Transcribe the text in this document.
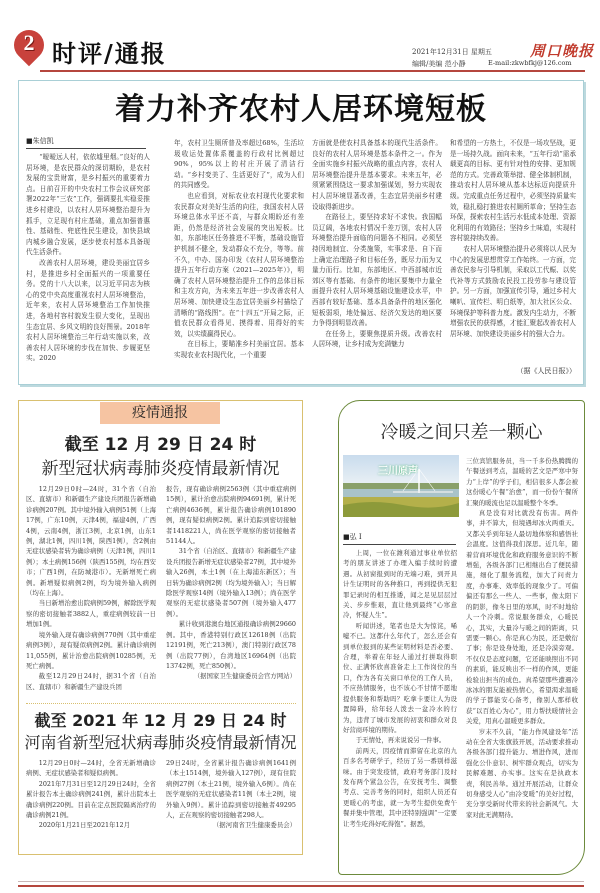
2 时评/通报	2021年12月31日 星期五
编辑/美编 范小静
周口晚报
E-mail:zkwbfkj@126.com
着力补齐农村人居环境短板
■朱信凯

“暧暧远人村，依依墟里烟。”良好的人居环境，是农民群众的深切期盼，是农村发展的宝贵财富，是乡村振兴的重要着力点。日前召开的中央农村工作会议研究部署2022年“三农”工作，强调要扎实稳妥推进乡村建设，以农村人居环境整治提升为抓手，立足现有村庄基础，重点加强普惠性、基础性、兜底性民生建设，加快县域内城乡融合发展，逐步使农村基本具备现代生活条件。

改善农村人居环境，建设美丽宜居乡村，是推进乡村全面振兴的一项重要任务。党的十八大以来，以习近平同志为核心的党中央高度重视农村人居环境整治，近年来，农村人居环境整治工作加快推进，各地村容村貌发生很大变化，呈现出生态宜居、乡风文明的良好图景。2018年农村人居环境整治三年行动实施以来，改善农村人居环境的步伐在加快、步履更坚实。2020

年，农村卫生厕所普及率超过68%，生活垃圾收运处置体系覆盖的行政村比例超过90%，95%以上的村庄开展了清洁行动。“乡村变美了、生活更好了”，成为人们的共同感受。

也应看到，对标农业农村现代化要求和农民群众对美好生活的向往，我国农村人居环境总体水平还不高，与群众期盼还有差距，仍然是经济社会发展的突出短板。比如，东部地区任务推进不平衡，基础设施管护机制不健全，发动群众不充分，等等。前不久，中办、国办印发《农村人居环境整治提升五年行动方案（2021—2025年）》，明确了农村人居环境整治提升工作的总体目标和主攻方向，为未来五年进一步改善农村人居环境、加快建设生态宜居美丽乡村描绘了清晰的“路线图”。在“十四五”开局之际，正值农民群众看得见、摸得着、用得好的实效，以实绩赢得民心。

在目标上，要瞄准乡村美丽宜居。基本实现农业农村现代化，一个重要

方面就是使农村具备基本的现代生活条件。良好的农村人居环境是基本条件之一。作为全面实施乡村振兴战略的重点内容，农村人居环境整治提升是基本要求。未来五年，必须紧紧围绕这一要求加强谋划，努力实现农村人居环境显著改善，生态宜居美丽乡村建设取得新进步。

在路径上，要坚持求好不求快。我国幅员辽阔，各地农村情况千差万别，农村人居环境整治提升面临的问题各不相同。必须坚持因地制宜、分类施策，实事求是、自下而上确定治理路子和目标任务，既尽力而为又量力而行。比如，东部地区、中西部城市近郊区等有基础、有条件的地区要集中力量全面提升农村人居环境基础设施建设水平，中西部有较好基础、基本具备条件的地区强化短板弱项，地处偏远、经济欠发达的地区要力争得到明显改善。

在任务上，要聚焦提质升级。改善农村人居环境，让乡村成为充满魅力

和希望的一方热土，不仅是一场攻坚战，更是一场持久战。面向未来，“五年行动”需承载更高的目标、更有针对性的安排、更加规范的方式。完善政策举措、健全体制机制，推动农村人居环境从基本达标迈向提质升级。完成重点任务过程中，必须坚持质量实效，稳扎稳打推进农村厕所革命；坚持生态环保，探索农村生活污水低成本处理、资源化利用的有效路径；坚持乡土味道，实现村容村貌持续改善。

农村人居环境整治提升必须将以人民为中心的发展思想贯穿工作始终。一方面，完善农民参与引导机制，采取以工代赈、以奖代补等方式鼓励农民投工投劳参与建设管护。另一方面，加强宣传引导，通过乡村大喇叭、宣传栏、明白纸等，加大社区公众、环境保护等科普力度。激发内生动力，不断增强农民的获得感，才能汇聚起改善农村人居环境、加快建设美丽乡村的强大合力。

（据《人民日报》）
疫情通报
截至 12 月 29 日 24 时
新型冠状病毒肺炎疫情最新情况

12月29日0时—24时，31个省（自治区、直辖市）和新疆生产建设兵团报告新增确诊病例207例。其中境外输入病例51例（上海17例，广东10例，天津4例，福建4例，广西4例，云南4例，浙江3例，北京1例，山东1例，湖北1例，四川1例，陕西1例），含2例由无症状感染者转为确诊病例（天津1例，四川1例）；本土病例156例（陕西155例，均在西安市；广西1例，在防城港市）。无新增死亡病例。新增疑似病例2例，均为境外输入病例（均在上海）。

当日新增治愈出院病例59例，解除医学观察的密切接触者3882人，重症病例较前一日增加1例。

境外输入现有确诊病例770例（其中重症病例3例），现有疑似病例2例。累计确诊病例11,055例，累计治愈出院病例10285例，无死亡病例。

截至12月29日24时，据31个省（自治区、直辖市）和新疆生产建设兵团

报告，现有确诊病例2563例（其中重症病例15例），累计治愈出院病例94691例，累计死亡病例4636例，累计报告确诊病例101890例，现有疑似病例2例。累计追踪到密切接触者1418221人，尚在医学观察的密切接触者51144人。

31个省（自治区、直辖市）和新疆生产建设兵团报告新增无症状感染者27例，其中境外输入26例，本土1例（在上海浦东新区）；当日转为确诊病例2例（均为境外输入）；当日解除医学观察14例（境外输入13例）；尚在医学观察的无症状感染者507例（境外输入477例）。

累计收到港澳台地区通报确诊病例29660例。其中，香港特别行政区12618例（出院12191例，死亡213例），澳门特别行政区78例（出院77例），台湾地区16964例（出院13742例，死亡850例）。

（据国家卫生健康委员会官方网站）

截至 2021 年 12 月 29 日 24 时
河南省新型冠状病毒肺炎疫情最新情况

12月29日0时—24时，全省无新增确诊病例、无症状感染者和疑似病例。

2021年7月31日至12月29日24时，全省累计报告本土确诊病例241例，累计出院本土确诊病例220例。目前在定点医院隔离治疗的确诊病例21例。

2020年1月21日至2021年12月

29日24时，全省累计报告确诊病例1641例（本土1514例，境外输入127例），现有住院病例27例（本土21例，境外输入6例）。尚在医学观察的无症状感染者11例（本土2例，境外输入9例）。累计追踪到密切接触者49295人，正在观察的密切接触者298人。

（据河南省卫生健康委员会）

冷暖之间只差一颗心
三川原声
■弘 Ⅰ

上周，一位在潍利通过事业单位招考的朋友讲述了办理入编手续时的遭遇。从初窗报到时的无端刁难，到开具计生证明时的各种推口，再到提供无犯罪记录时的相互推诿，闻之足见层层过关、步步惟艰，直让他到最终“心寒意冷，怀疑人生”。

听闻讲述，笔者也是大为惊诧，唏嘘不已。这都什么年代了，怎么还会有到单位报到的某些证明材料是否必要、合理，举着在年轻人通过打拼取得职位、正满怀欣喜准备走上工作岗位的当口，作为各有关窗口单位的工作人员，不应热情服务，也不该心不甘情不愿地提供服务和帮助吗？吃拿卡要让人为设置障碍，给年轻人泼去一盆冷水的行为，违背了城市发展的初衷和群众对良好营商环境的期待。

于无情处，再来说说另一件事。

前两天，因疫情而滞留在北京的九百多名考研学子，经历了另一番别样滋味。由于突发疫情，政府考务部门及时发布两个紧急公告，在安抚考生、调整考点、完善考务的同时，组织人员还有更暖心的考虑，就一为考生提供免费午餐并集中管理，其中还特别强调“一定要让考生吃得好吃得饱”。据悉，

三位宾馆服务员，当一千多份热腾腾的午餐送到考点，温暖的艺文是严寒中努力“上岸”的学子们，相信很多人都会被这份暖心午餐“治愈”，而一份份午餐所汇聚的暖流也足以温暖整个冬季。

真是没有对比就没有伤害。两件事，并不算大，但境遇却冰火两重天。又都关乎到年轻人最切地体察和感悟社会温度。这值得我们深思。近几年，随着营商环境优化和政府服务意识的不断增强，各级各部门已相继出台了便民措施，细化了服务流程，加大了问责力度，办事难、效率低的现象少了。可偏偏还有那么一些人、一些事，像太阳下的阴影，像冬日里的寒风，时不时地给人一个冷刺。常说服务群众，心暖民心，其实，大量冷与暖之间的距离，只需要一颗心。你是真心为民，还是敷衍了事；你是设身处地，还是冷漠旁观。不仅仅是态度问题，它还能映照出不同的素质，能反映出不一样的作风，更能检验出担当的成色。真希望那些遭遇冷冰冰的朋友能被热情心，希望渴求温暖的学子都能安心备考，像别人那样收获“以百姓心为心”，用力帮扶暖情社会关爱，用真心温暖更多群众。

岁末不久前，“能力作风建设年”活动在全省大张旗鼓开展，活动要求推动各级各部门提升能力、增进作风，进而强化公仆意识、树牢群众观点，切实为民解难题、办实事。这实在是执政本责，利民善举。通过开展活动，让群众切身感受人心“由冷变暖”的美好过程，充分享受新时代带来的社会新风气。大家对此无满期待。
